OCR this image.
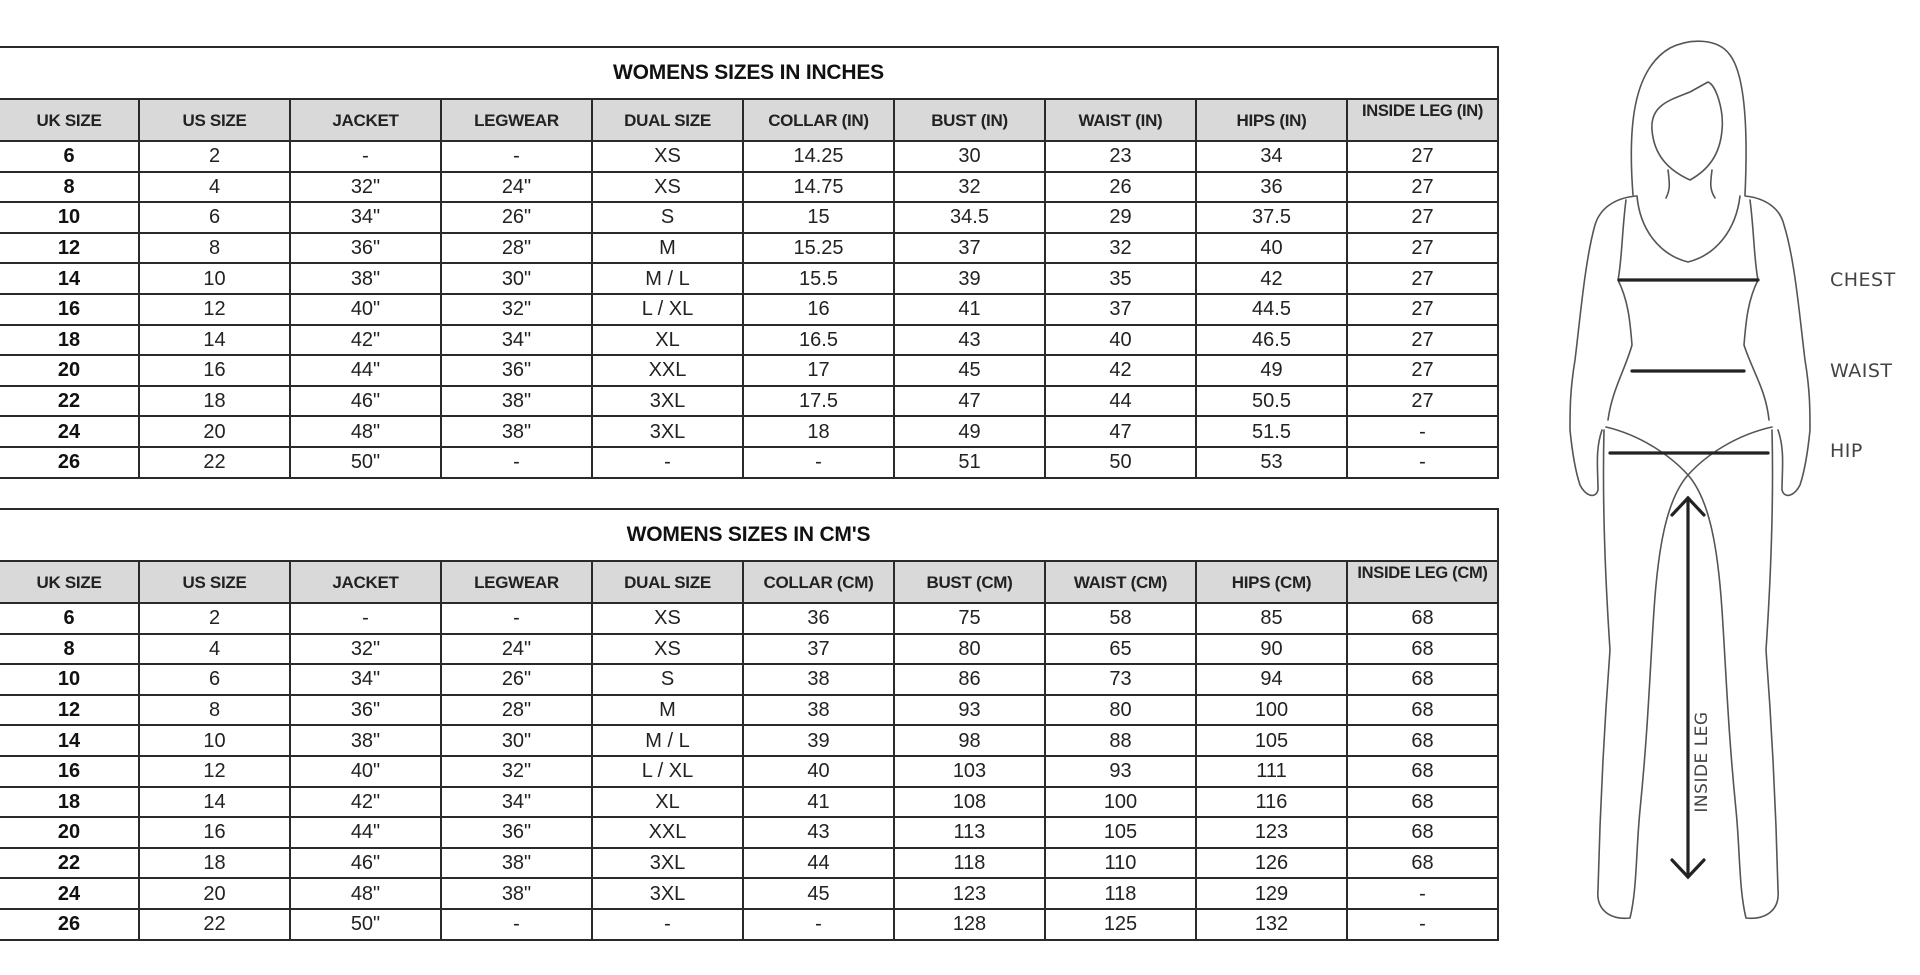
WOMENS SIZES IN INCHES									
UK SIZE	US SIZE	JACKET	LEGWEAR	DUAL SIZE	COLLAR (IN)	BUST (IN)	WAIST (IN)	HIPS (IN)	INSIDE LEG (IN)
6	2	-	-	XS	14.25	30	23	34	27
8	4	32"	24"	XS	14.75	32	26	36	27
10	6	34"	26"	S	15	34.5	29	37.5	27
12	8	36"	28"	M	15.25	37	32	40	27
14	10	38"	30"	M / L	15.5	39	35	42	27
16	12	40"	32"	L / XL	16	41	37	44.5	27
18	14	42"	34"	XL	16.5	43	40	46.5	27
20	16	44"	36"	XXL	17	45	42	49	27
22	18	46"	38"	3XL	17.5	47	44	50.5	27
24	20	48"	38"	3XL	18	49	47	51.5	-
26	22	50"	-	-	-	51	50	53	-
WOMENS SIZES IN CM'S									
UK SIZE	US SIZE	JACKET	LEGWEAR	DUAL SIZE	COLLAR (CM)	BUST (CM)	WAIST (CM)	HIPS (CM)	INSIDE LEG (CM)
6	2	-	-	XS	36	75	58	85	68
8	4	32"	24"	XS	37	80	65	90	68
10	6	34"	26"	S	38	86	73	94	68
12	8	36"	28"	M	38	93	80	100	68
14	10	38"	30"	M / L	39	98	88	105	68
16	12	40"	32"	L / XL	40	103	93	111	68
18	14	42"	34"	XL	41	108	100	116	68
20	16	44"	36"	XXL	43	113	105	123	68
22	18	46"	38"	3XL	44	118	110	126	68
24	20	48"	38"	3XL	45	123	118	129	-
26	22	50"	-	-	-	128	125	132	-
CHEST
WAIST
HIP
INSIDE LEG
